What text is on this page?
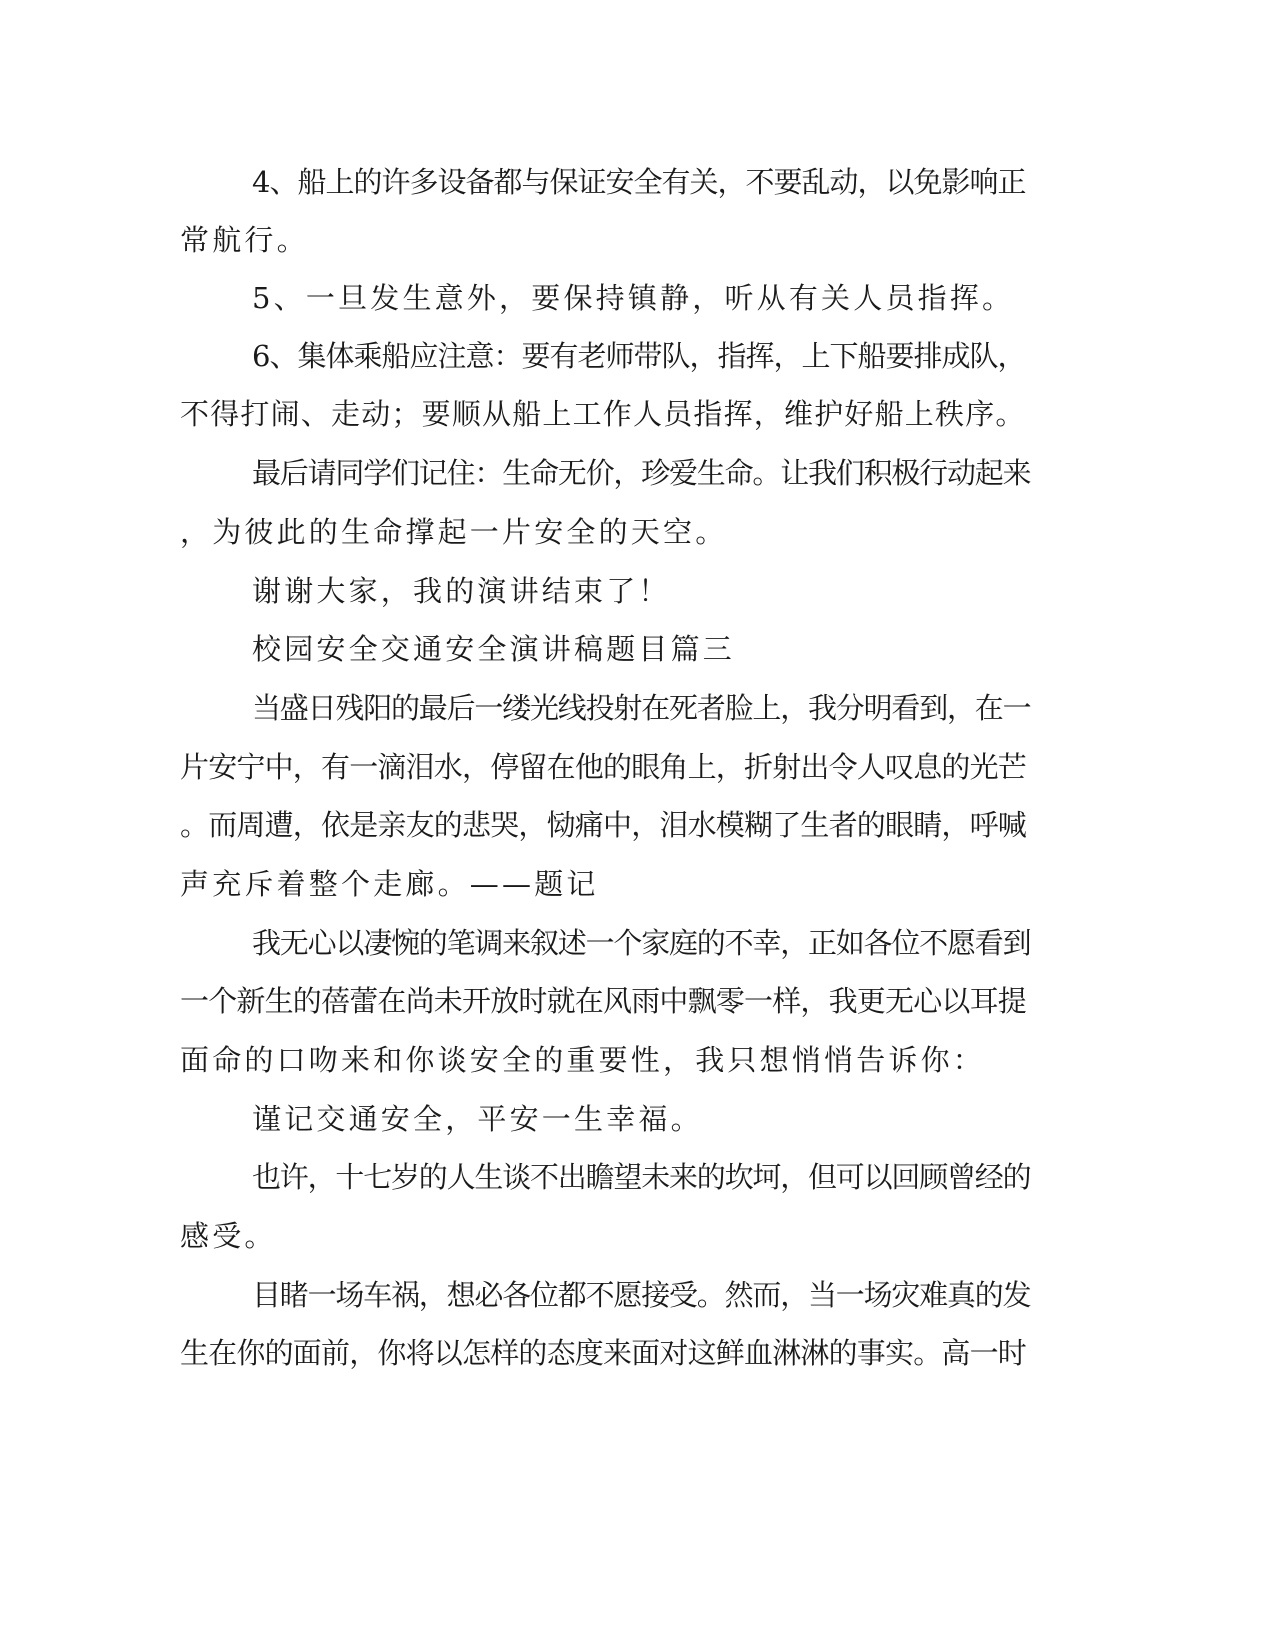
4、船上的许多设备都与保证安全有关，不要乱动，以免影响正
常航行。
5、一旦发生意外，要保持镇静，听从有关人员指挥。
6、集体乘船应注意：要有老师带队，指挥，上下船要排成队，
不得打闹、走动；要顺从船上工作人员指挥，维护好船上秩序。
最后请同学们记住：生命无价，珍爱生命。让我们积极行动起来
，为彼此的生命撑起一片安全的天空。
谢谢大家，我的演讲结束了！
校园安全交通安全演讲稿题目篇三
当盛日残阳的最后一缕光线投射在死者脸上，我分明看到，在一
片安宁中，有一滴泪水，停留在他的眼角上，折射出令人叹息的光芒
。而周遭，依是亲友的悲哭，恸痛中，泪水模糊了生者的眼睛，呼喊
声充斥着整个走廊。——题记
我无心以凄惋的笔调来叙述一个家庭的不幸，正如各位不愿看到
一个新生的蓓蕾在尚未开放时就在风雨中飘零一样，我更无心以耳提
面命的口吻来和你谈安全的重要性，我只想悄悄告诉你：
谨记交通安全，平安一生幸福。
也许，十七岁的人生谈不出瞻望未来的坎坷，但可以回顾曾经的
感受。
目睹一场车祸，想必各位都不愿接受。然而，当一场灾难真的发
生在你的面前，你将以怎样的态度来面对这鲜血淋淋的事实。高一时
